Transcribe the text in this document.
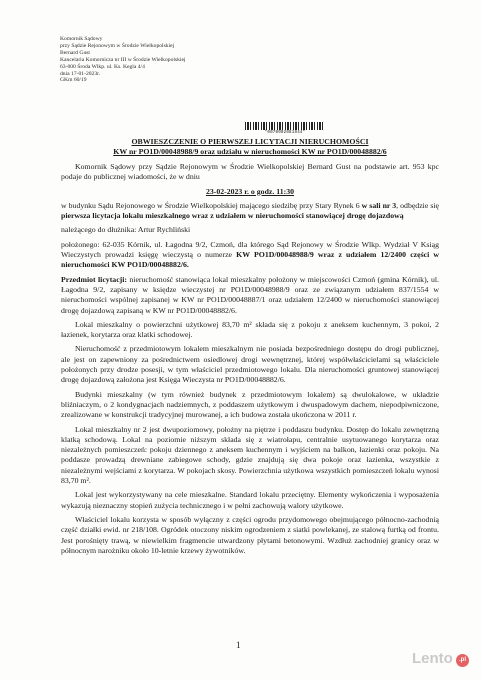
Komornik Sądowy
przy Sądzie Rejonowym w Środzie Wielkopolskiej
Bernard Gust
Kancelaria Komornicza nr III w Środzie Wielkopolskiej
63-000 Środa Wlkp. ul. Ks. Kegla 4/4
dnia 17-01-2023r.
GKm 60/19
*0070002081944*
OBWIESZCZENIE O PIERWSZEJ LICYTACJI NIERUCHOMOŚCI
KW nr PO1D/00048988/9 oraz udziału w nieruchomości KW nr PO1D/00048882/6

Komornik Sądowy przy Sądzie Rejonowym w Środzie Wielkopolskiej Bernard Gust na podstawie art. 953 kpc podaje do publicznej wiadomości, że w dniu

23-02-2023 r. o godz. 11:30

w budynku Sądu Rejonowego w Środzie Wielkopolskiej mającego siedzibę przy Stary Rynek 6 w sali nr 3, odbędzie się pierwsza licytacja lokalu mieszkalnego wraz z udziałem w nieruchomości stanowiącej drogę dojazdową

należącego do dłużnika: Artur Rychliński

położonego: 62-035 Kórnik, ul. Łagodna 9/2, Czmoń, dla którego Sąd Rejonowy w Środzie Wlkp. Wydział V Ksiąg Wieczystych prowadzi księgę wieczystą o numerze KW PO1D/00048988/9 wraz z udziałem 12/2400 części w nieruchomości KW PO1D/00048882/6.

Przedmiot licytacji: nieruchomość stanowiąca lokal mieszkalny położony w miejscowości Czmoń (gmina Kórnik), ul. Łagodna 9/2, zapisany w księdze wieczystej nr PO1D/00048988/9 oraz ze związanym udziałem 837/1554 w nieruchomości wspólnej zapisanej w KW nr PO1D/00048887/1 oraz udziałem 12/2400 w nieruchomości stanowiącej drogę dojazdową zapisaną w KW nr PO1D/00048882/6.

Lokal mieszkalny o powierzchni użytkowej 83,70 m² składa się z pokoju z aneksem kuchennym, 3 pokoi, 2 łazienek, korytarza oraz klatki schodowej.

Nieruchomość z przedmiotowym lokalem mieszkalnym nie posiada bezpośredniego dostępu do drogi publicznej, ale jest on zapewniony za pośrednictwem osiedlowej drogi wewnętrznej, której współwłaścicielami są właściciele położonych przy drodze posesji, w tym właściciel przedmiotowego lokalu. Dla nieruchomości gruntowej stanowiącej drogę dojazdową założona jest Księga Wieczysta nr PO1D/00048882/6.

Budynki mieszkalny (w tym również budynek z przedmiotowym lokalem) są dwulokalowe, w układzie bliźniaczym, o 2 kondygnacjach nadziemnych, z poddaszem użytkowym i dwuspadowym dachem, niepodpiwniczone, zrealizowane w konstrukcji tradycyjnej murowanej, a ich budowa została ukończona w 2011 r.

Lokal mieszkalny nr 2 jest dwupoziomowy, położny na piętrze i poddaszu budynku. Dostęp do lokalu zewnętrzną klatką schodową. Lokal na poziomie niższym składa się z wiatrołapu, centralnie usytuowanego korytarza oraz niezależnych pomieszczeń: pokoju dziennego z aneksem kuchennym i wyjściem na balkon, łazienki oraz pokoju. Na poddasze prowadzą drewniane zabiegowe schody, gdzie znajdują się dwa pokoje oraz łazienka, wszystkie z niezależnymi wejściami z korytarza. W pokojach skosy. Powierzchnia użytkowa wszystkich pomieszczeń lokalu wynosi 83,70 m².

Lokal jest wykorzystywany na cele mieszkalne. Standard lokalu przeciętny. Elementy wykończenia i wyposażenia wykazują nieznaczny stopień zużycia technicznego i w pełni zachowują walory użytkowe.

Właściciel lokalu korzysta w sposób wyłączny z części ogrodu przydomowego obejmującego północno-zachodnią część działki ewid. nr 218/108. Ogródek otoczony niskim ogrodzeniem z siatki powlekanej, ze stalową furtką od frontu. Jest porośnięty trawą, w niewielkim fragmencie utwardzony płytami betonowymi. Wzdłuż zachodniej granicy oraz w północnym narożniku około 10-letnie krzewy żywotników.

1
Lento	.pl
